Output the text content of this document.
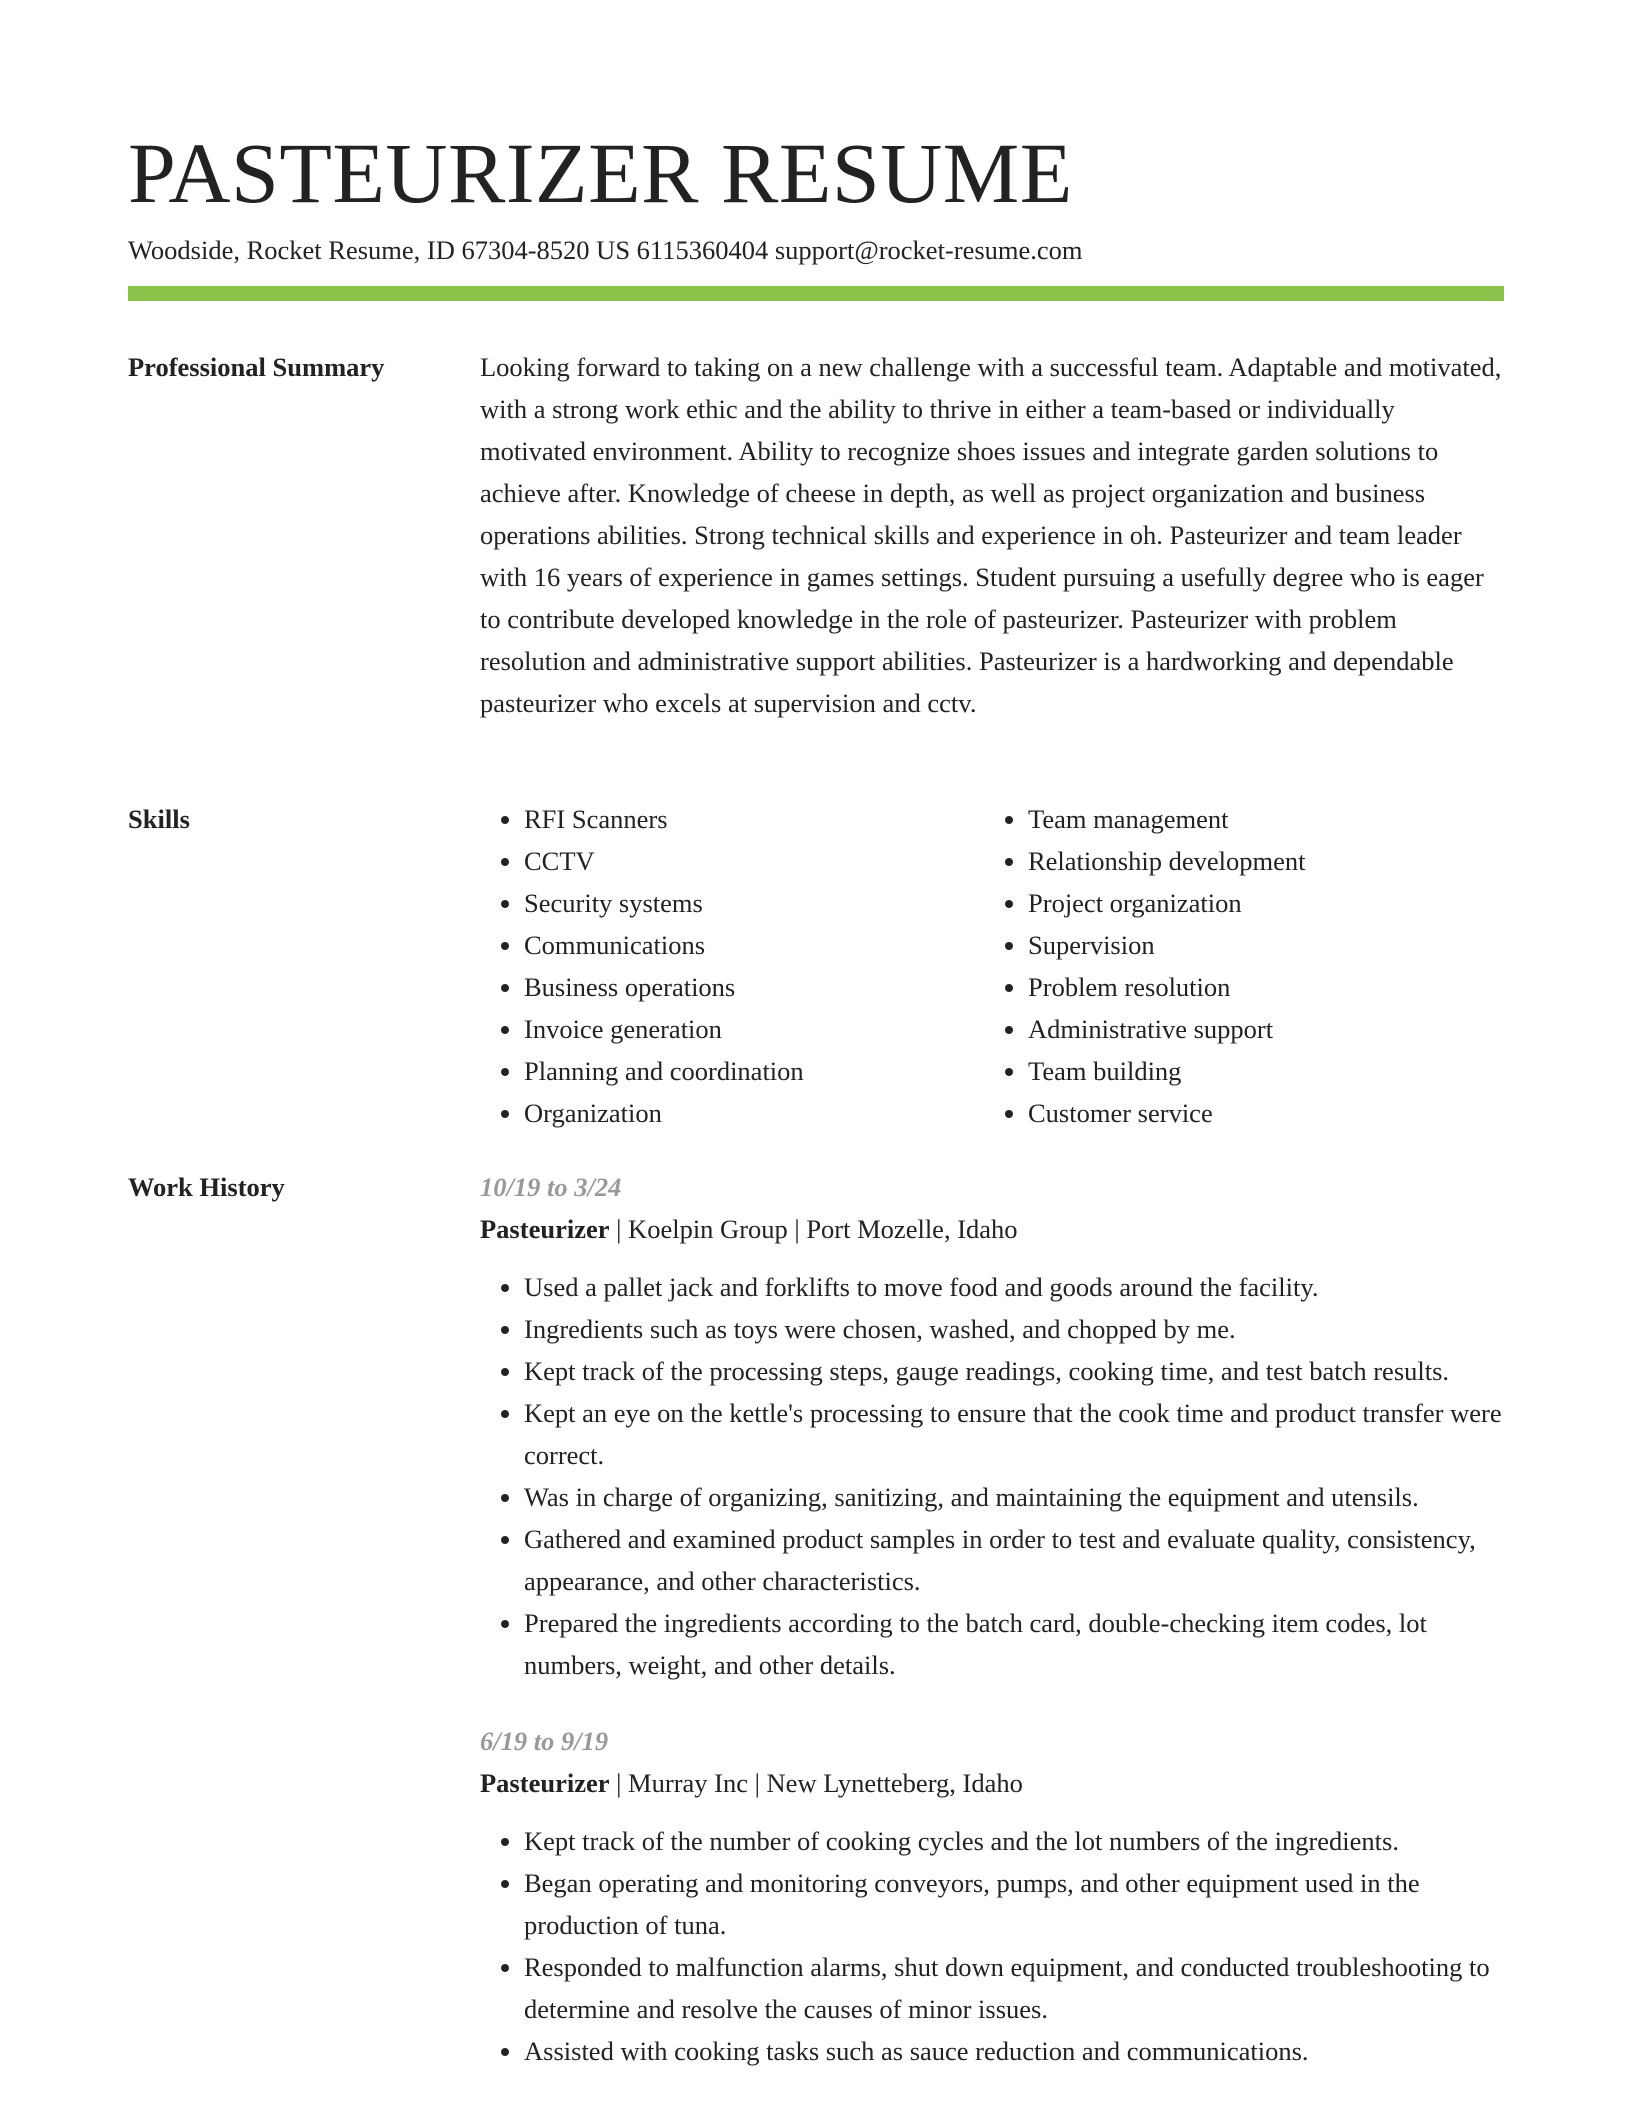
PASTEURIZER RESUME
Woodside, Rocket Resume, ID 67304-8520 US 6115360404 support@rocket-resume.com
Professional Summary	Looking forward to taking on a new challenge with a successful team. Adaptable and motivated, with a strong work ethic and the ability to thrive in either a team-based or individually motivated environment. Ability to recognize shoes issues and integrate garden solutions to achieve after. Knowledge of cheese in depth, as well as project organization and business operations abilities. Strong technical skills and experience in oh. Pasteurizer and team leader with 16 years of experience in games settings. Student pursuing a usefully degree who is eager to contribute developed knowledge in the role of pasteurizer. Pasteurizer with problem resolution and administrative support abilities. Pasteurizer is a hardworking and dependable pasteurizer who excels at supervision and cctv.

Skills
•	RFI Scanners
• CCTV
• Security systems
• Communications
• Business operations
• Invoice generation
• Planning and coordination
• Organization
• Team management
• Relationship development
• Project organization
• Supervision
• Problem resolution
• Administrative support
• Team building
• Customer service
Work History	10/19 to 3/24
Pasteurizer | Koelpin Group | Port Mozelle, Idaho
• Used a pallet jack and forklifts to move food and goods around the facility.
• Ingredients such as toys were chosen, washed, and chopped by me.
• Kept track of the processing steps, gauge readings, cooking time, and test batch results.
• Kept an eye on the kettle's processing to ensure that the cook time and product transfer were correct.
• Was in charge of organizing, sanitizing, and maintaining the equipment and utensils.
• Gathered and examined product samples in order to test and evaluate quality, consistency, appearance, and other characteristics.
• Prepared the ingredients according to the batch card, double-checking item codes, lot numbers, weight, and other details.
6/19 to 9/19
Pasteurizer | Murray Inc | New Lynetteberg, Idaho
• Kept track of the number of cooking cycles and the lot numbers of the ingredients.
• Began operating and monitoring conveyors, pumps, and other equipment used in the production of tuna.
• Responded to malfunction alarms, shut down equipment, and conducted troubleshooting to determine and resolve the causes of minor issues.
• Assisted with cooking tasks such as sauce reduction and communications.
